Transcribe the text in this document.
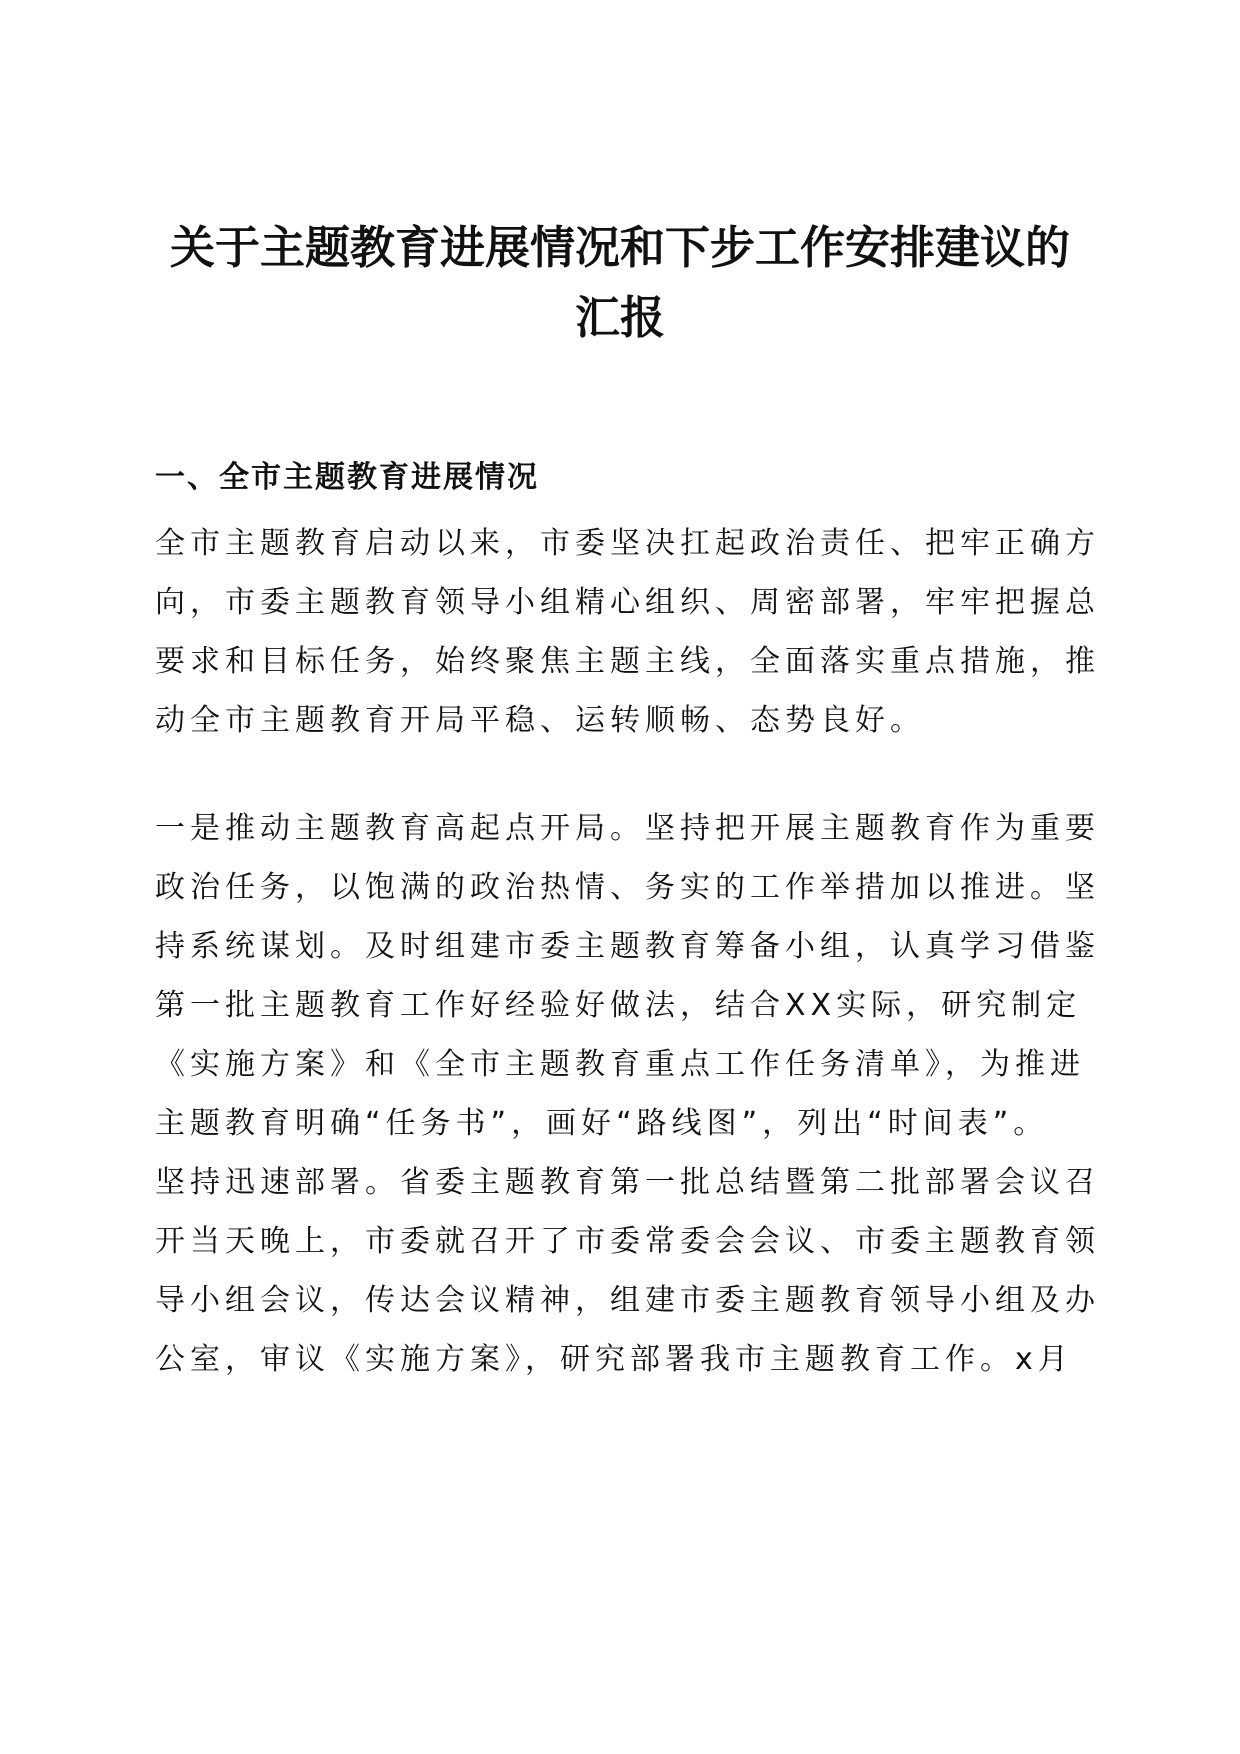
关于主题教育进展情况和下步工作安排建议的
汇报
一、全市主题教育进展情况

全市主题教育启动以来，市委坚决扛起政治责任、把牢正确方

向，市委主题教育领导小组精心组织、周密部署，牢牢把握总

要求和目标任务，始终聚焦主题主线，全面落实重点措施，推

动全市主题教育开局平稳、运转顺畅、态势良好。

一是推动主题教育高起点开局。坚持把开展主题教育作为重要

政治任务，以饱满的政治热情、务实的工作举措加以推进。坚

持系统谋划。及时组建市委主题教育筹备小组，认真学习借鉴

第一批主题教育工作好经验好做法，结合XX实际，研究制定

《实施方案》和《全市主题教育重点工作任务清单》，为推进

主题教育明确“任务书”，画好“路线图”，列出“时间表”。

坚持迅速部署。省委主题教育第一批总结暨第二批部署会议召

开当天晚上，市委就召开了市委常委会会议、市委主题教育领

导小组会议，传达会议精神，组建市委主题教育领导小组及办

公室，审议《实施方案》，研究部署我市主题教育工作。x月
